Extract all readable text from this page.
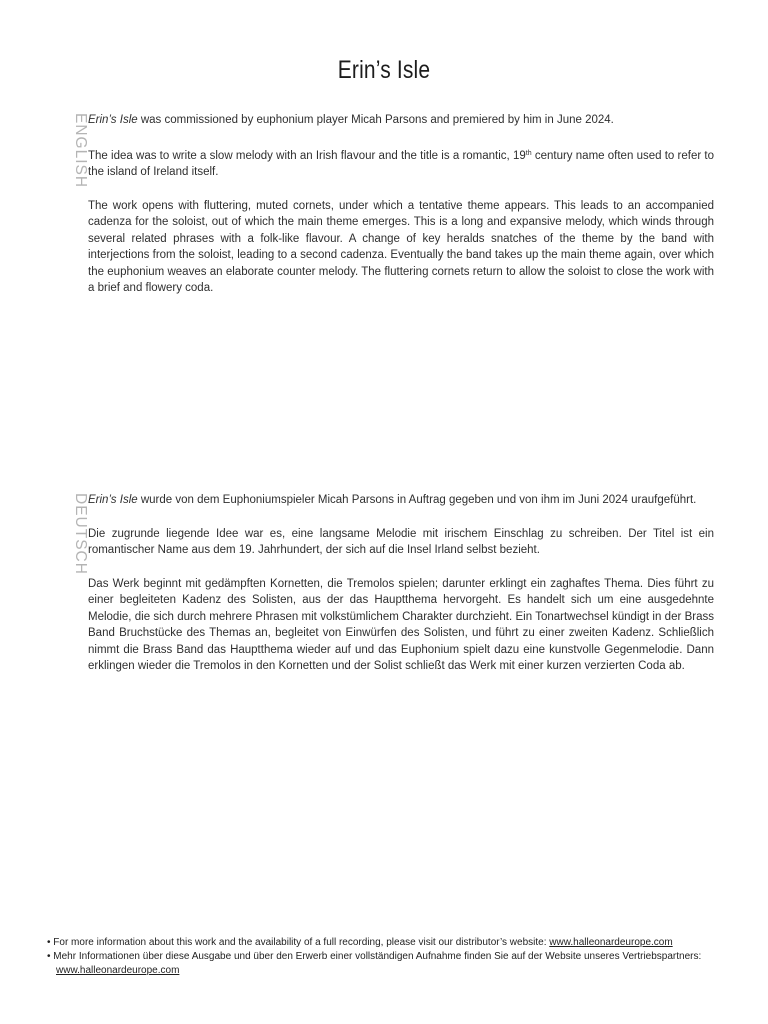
Erin’s Isle
ENGLISH Erin’s Isle was commissioned by euphonium player Micah Parsons and premiered by him in June 2024.

The idea was to write a slow melody with an Irish flavour and the title is a romantic, 19th century name often used to refer to the island of Ireland itself.

The work opens with fluttering, muted cornets, under which a tentative theme appears. This leads to an accompanied cadenza for the soloist, out of which the main theme emerges. This is a long and expansive melody, which winds through several related phrases with a folk-like flavour. A change of key heralds snatches of the theme by the band with interjections from the soloist, leading to a second cadenza. Eventually the band takes up the main theme again, over which the euphonium weaves an elaborate counter melody. The fluttering cornets return to allow the soloist to close the work with a brief and flowery coda.

DEUTSCH Erin’s Isle wurde von dem Euphoniumspieler Micah Parsons in Auftrag gegeben und von ihm im Juni 2024 uraufgeführt.

Die zugrunde liegende Idee war es, eine langsame Melodie mit irischem Einschlag zu schreiben. Der Titel ist ein romantischer Name aus dem 19. Jahrhundert, der sich auf die Insel Irland selbst bezieht.

Das Werk beginnt mit gedämpften Kornetten, die Tremolos spielen; darunter erklingt ein zaghaftes Thema. Dies führt zu einer begleiteten Kadenz des Solisten, aus der das Hauptthema hervorgeht. Es handelt sich um eine ausgedehnte Melodie, die sich durch mehrere Phrasen mit volkstümlichem Charakter durchzieht. Ein Tonartwechsel kündigt in der Brass Band Bruchstücke des Themas an, begleitet von Einwürfen des Solisten, und führt zu einer zweiten Kadenz. Schließlich nimmt die Brass Band das Hauptthema wieder auf und das Euphonium spielt dazu eine kunstvolle Gegenmelodie. Dann erklingen wieder die Tremolos in den Kornetten und der Solist schließt das Werk mit einer kurzen verzierten Coda ab.

• For more information about this work and the availability of a full recording, please visit our distributor’s website: www.halleonardeurope.com
• Mehr Informationen über diese Ausgabe und über den Erwerb einer vollständigen Aufnahme finden Sie auf der Website unseres Vertriebspartners: www.halleonardeurope.com
